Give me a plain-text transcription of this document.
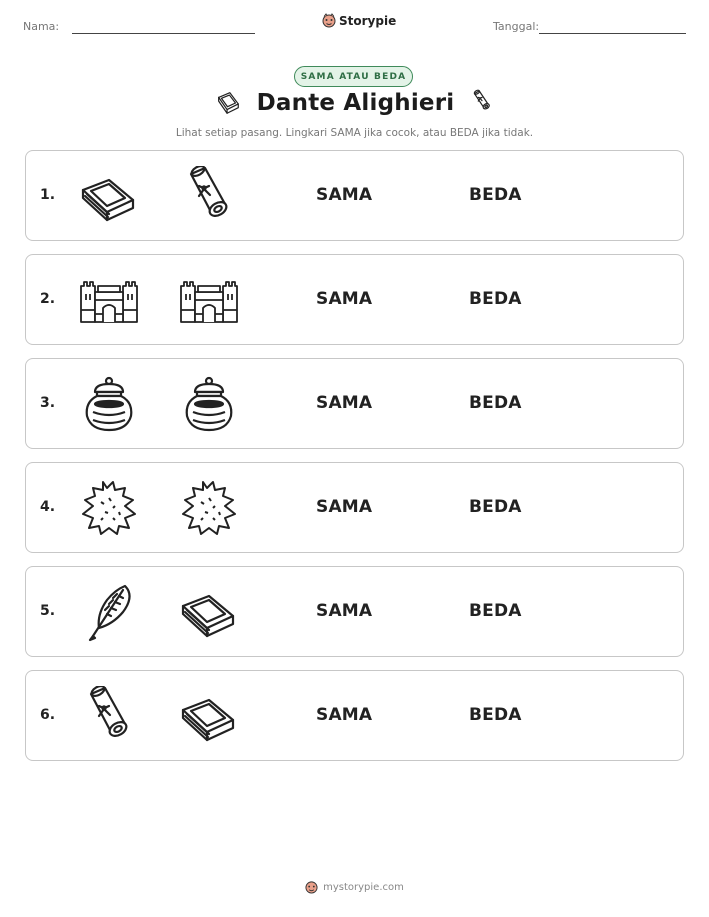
Nama:	Storypie	Tanggal:
SAMA ATAU BEDA
Dante Alighieri
Lihat setiap pasang. Lingkari SAMA jika cocok, atau BEDA jika tidak.
1.	SAMA	BEDA
2.	SAMA	BEDA
3.	SAMA	BEDA
4.	SAMA	BEDA
5.	SAMA	BEDA
6.	SAMA	BEDA
mystorypie.com
